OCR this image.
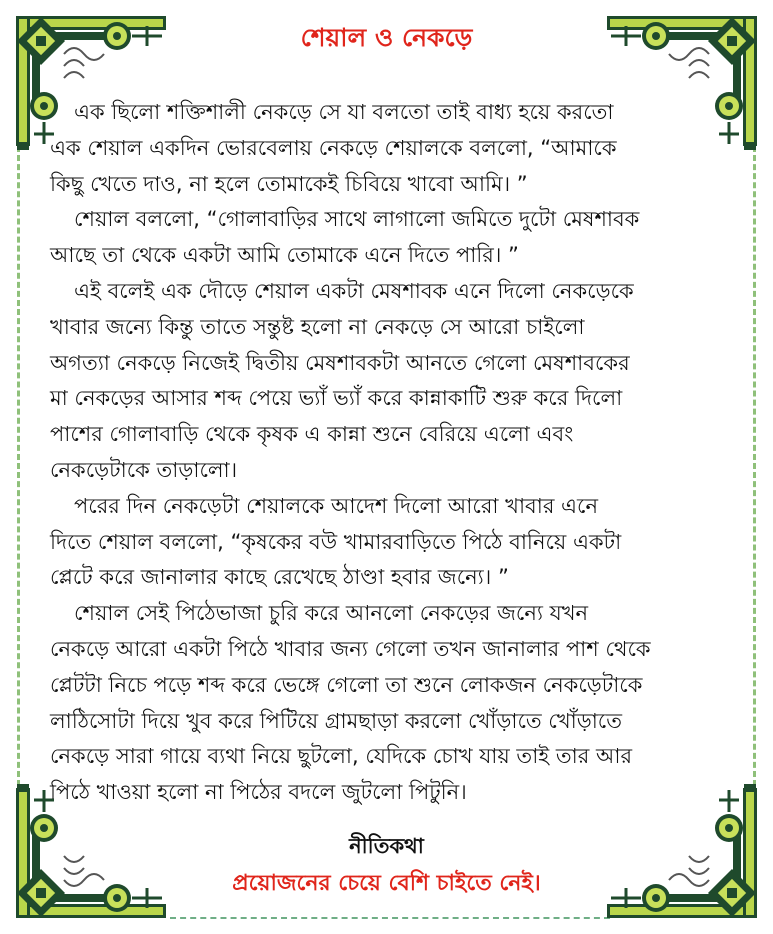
শেয়াল ও নেকড়ে
এক ছিলো শক্তিশালী নেকড়ে সে যা বলতো তাই বাধ্য হয়ে করতো
এক শেয়াল একদিন ভোরবেলায় নেকড়ে শেয়ালকে বললো, “আমাকে
কিছু খেতে দাও, না হলে তোমাকেই চিবিয়ে খাবো আমি। ”
শেয়াল বললো, “গোলাবাড়ির সাথে লাগালো জমিতে দুটো মেষশাবক
আছে তা থেকে একটা আমি তোমাকে এনে দিতে পারি। ”
এই বলেই এক দৌড়ে শেয়াল একটা মেষশাবক এনে দিলো নেকড়েকে
খাবার জন্যে কিন্তু তাতে সন্তুষ্ট হলো না নেকড়ে সে আরো চাইলো
অগত্যা নেকড়ে নিজেই দ্বিতীয় মেষশাবকটা আনতে গেলো মেষশাবকের
মা নেকড়ের আসার শব্দ পেয়ে ভ্যাঁ ভ্যাঁ করে কান্নাকাটি শুরু করে দিলো
পাশের গোলাবাড়ি থেকে কৃষক এ কান্না শুনে বেরিয়ে এলো এবং
নেকড়েটাকে তাড়ালো।
পরের দিন নেকড়েটা শেয়ালকে আদেশ দিলো আরো খাবার এনে
দিতে শেয়াল বললো, “কৃষকের বউ খামারবাড়িতে পিঠে বানিয়ে একটা
প্লেটে করে জানালার কাছে রেখেছে ঠাণ্ডা হবার জন্যে। ”
শেয়াল সেই পিঠেভাজা চুরি করে আনলো নেকড়ের জন্যে যখন
নেকড়ে আরো একটা পিঠে খাবার জন্য গেলো তখন জানালার পাশ থেকে
প্লেটটা নিচে পড়ে শব্দ করে ভেঙ্গে গেলো তা শুনে লোকজন নেকড়েটাকে
লাঠিসোটা দিয়ে খুব করে পিটিয়ে গ্রামছাড়া করলো খোঁড়াতে খোঁড়াতে
নেকড়ে সারা গায়ে ব্যথা নিয়ে ছুটলো, যেদিকে চোখ যায় তাই তার আর
পিঠে খাওয়া হলো না পিঠের বদলে জুটলো পিটুনি।
নীতিকথা
প্রয়োজনের চেয়ে বেশি চাইতে নেই।
